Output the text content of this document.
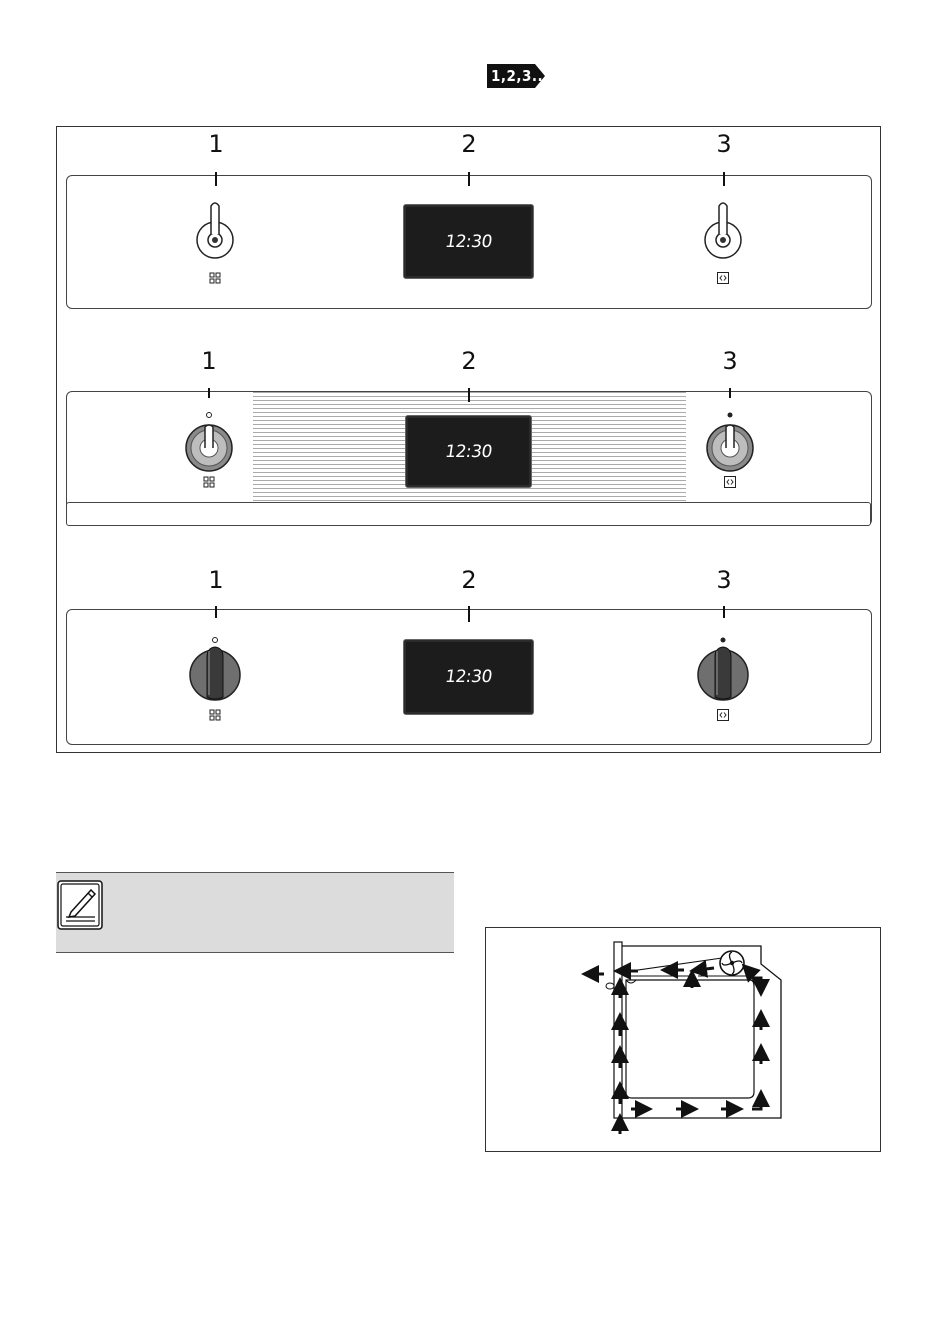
1,2,3...
1	2	3
12:30
1	2	3
12:30
1	2	3
12:30
